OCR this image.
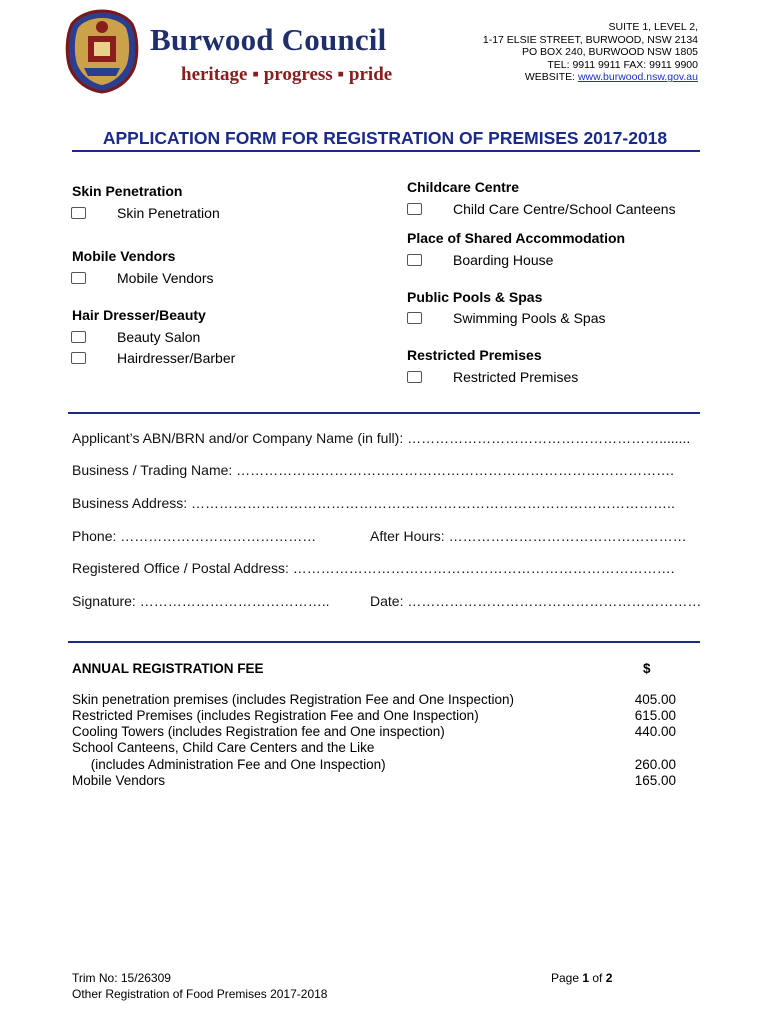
Burwood Council
heritage ▪ progress ▪ pride
SUITE 1, LEVEL 2,
1-17 ELSIE STREET, BURWOOD, NSW 2134
PO BOX 240, BURWOOD NSW 1805
TEL: 9911 9911 FAX: 9911 9900
WEBSITE: www.burwood.nsw.gov.au
APPLICATION FORM FOR REGISTRATION OF PREMISES 2017-2018
Skin Penetration
Skin Penetration
Mobile Vendors
Mobile Vendors
Hair Dresser/Beauty
Beauty Salon
Hairdresser/Barber
Childcare Centre
Child Care Centre/School Canteens
Place of Shared Accommodation
Boarding House
Public Pools & Spas
Swimming Pools & Spas
Restricted Premises
Restricted Premises
Applicant’s ABN/BRN and/or Company Name (in full): ………………………………………………........
Business / Trading Name: ………………………………………………………………………………….
Business Address: …………………………………………………………………………………………..
Phone: ……………………………………	After Hours: ……………………………………………
Registered Office / Postal Address: ……………………………………………………………………….
Signature: …………………………………..	Date: ………………………………………………………
ANNUAL REGISTRATION FEE	$
Skin penetration premises (includes Registration Fee and One Inspection)	405.00
Restricted Premises (includes Registration Fee and One Inspection)	615.00
Cooling Towers (includes Registration fee and One inspection)	440.00
School Canteens, Child Care Centers and the Like
(includes Administration Fee and One Inspection)	260.00
Mobile Vendors	165.00
Trim No: 15/26309
Other Registration of Food Premises 2017-2018
Page 1 of 2
